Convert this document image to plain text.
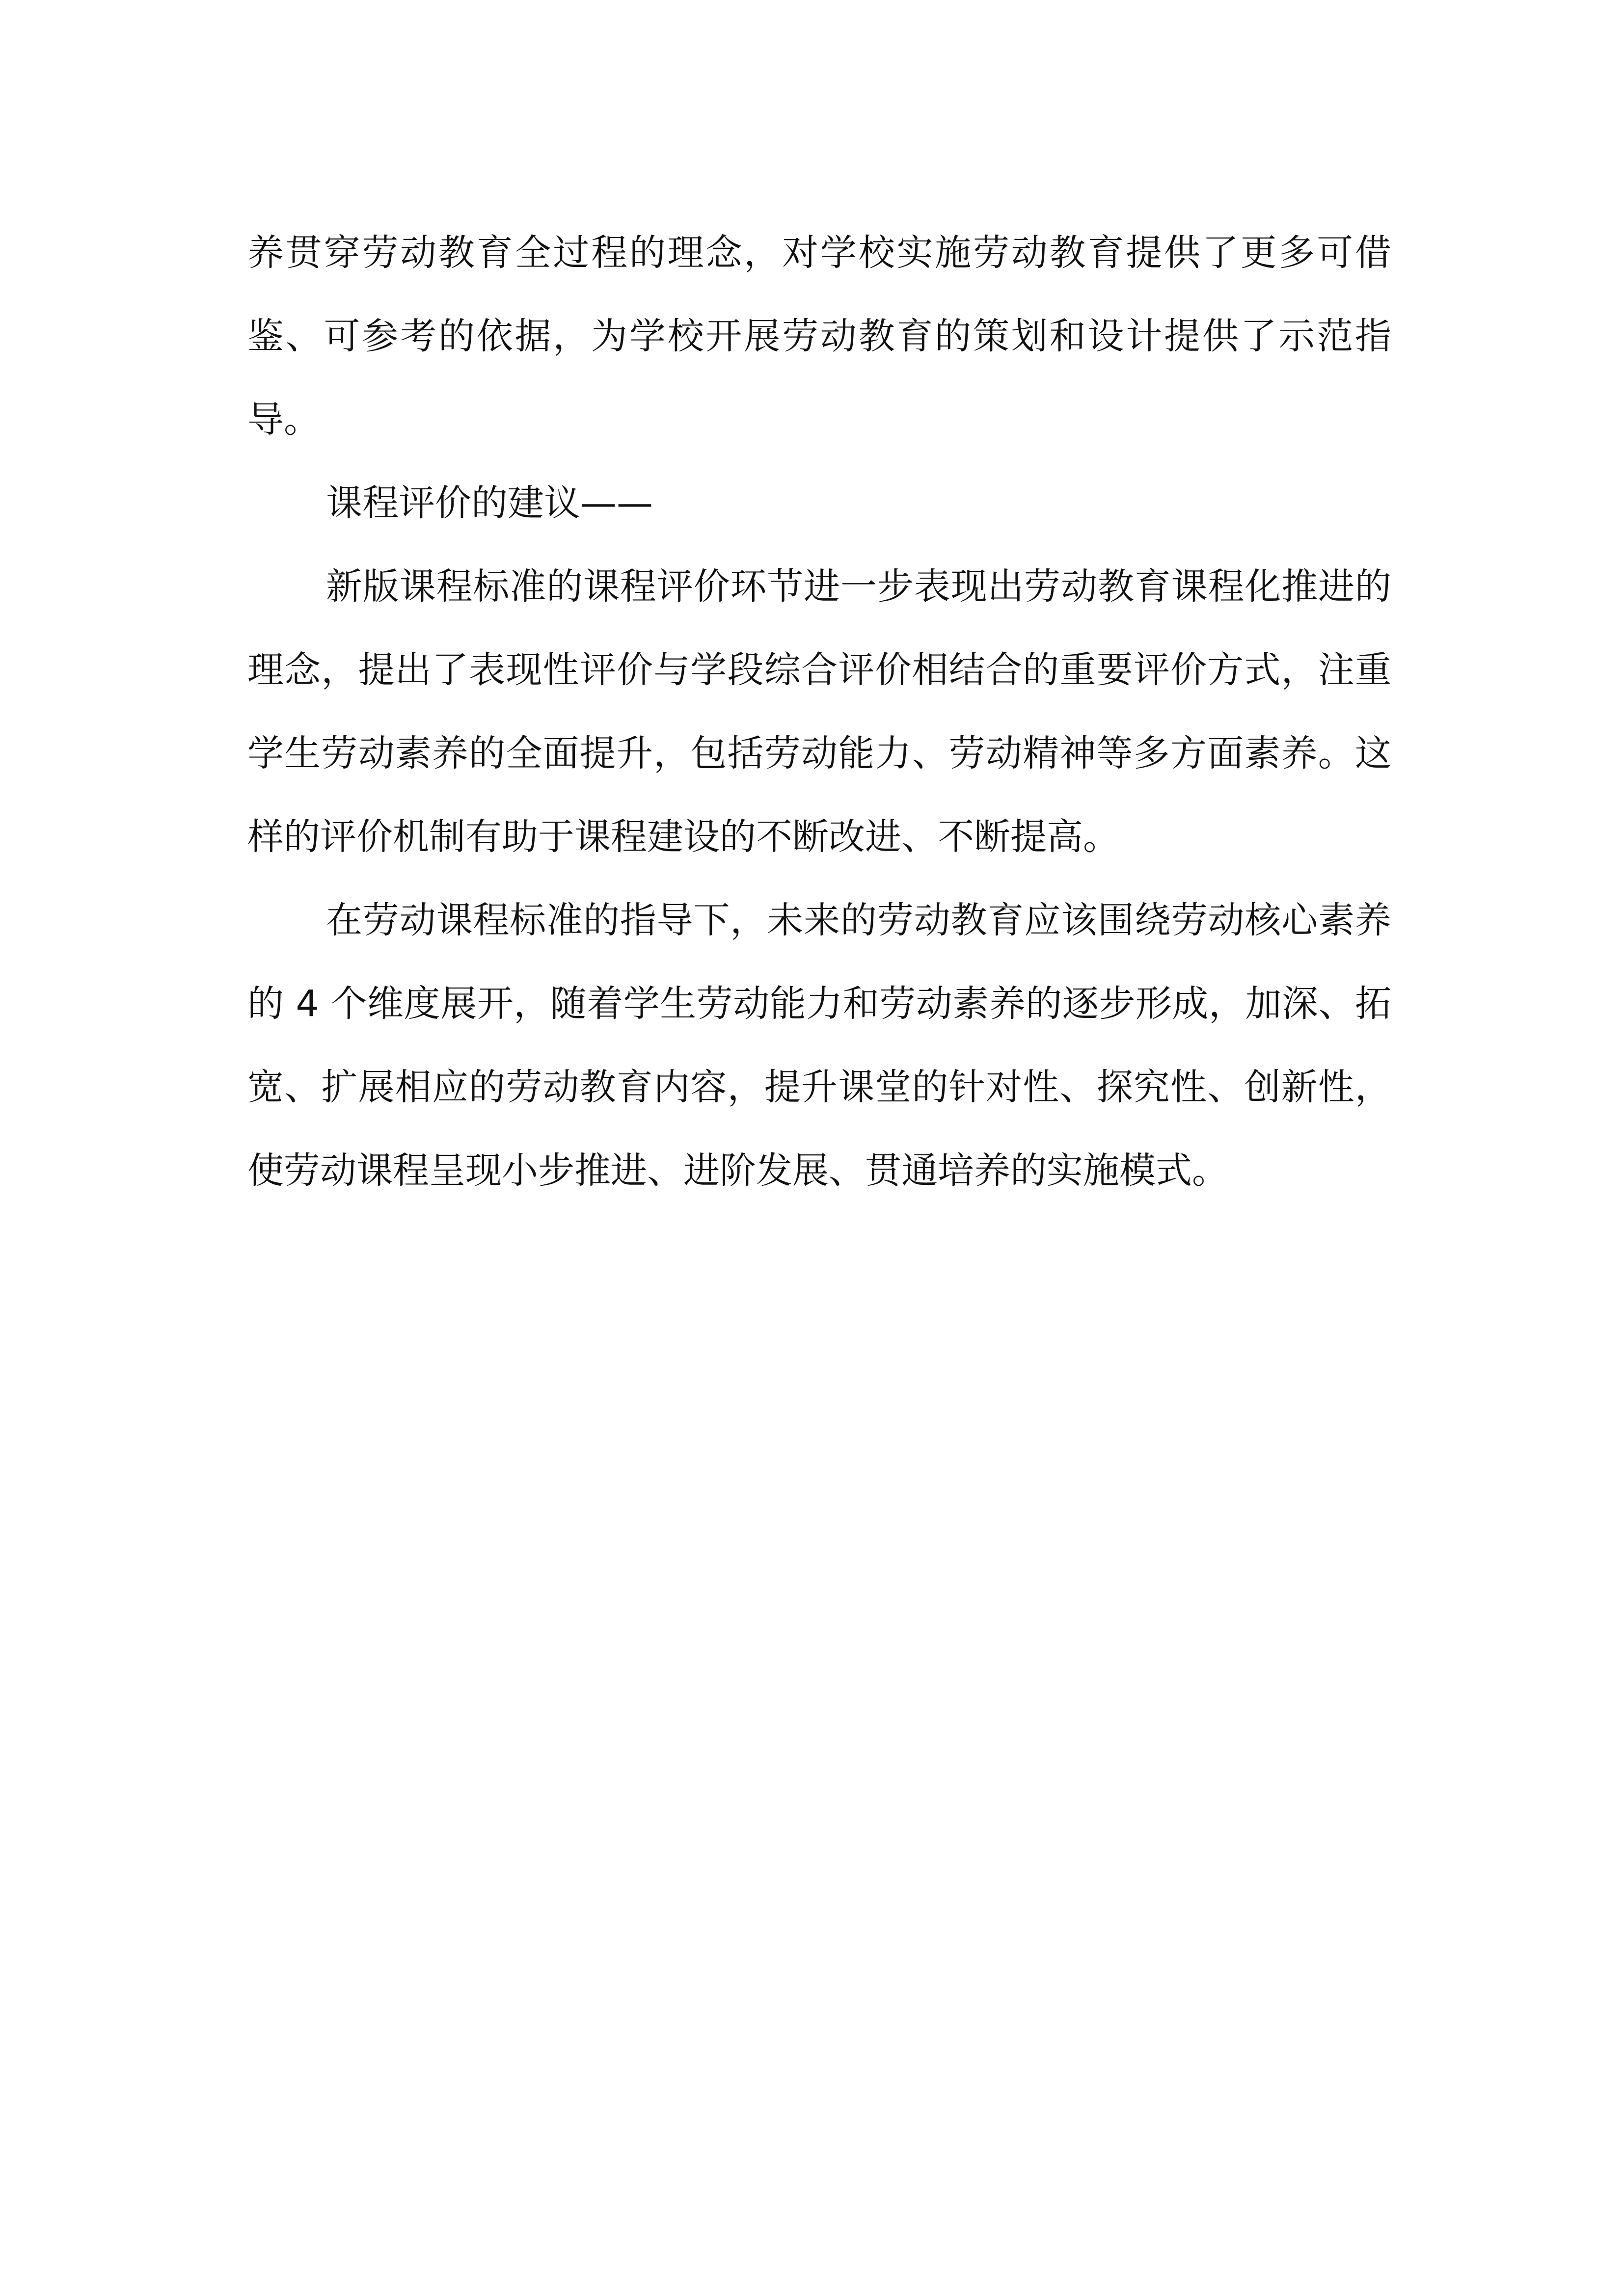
养贯穿劳动教育全过程的理念，对学校实施劳动教育提供了更多可借鉴、可参考的依据，为学校开展劳动教育的策划和设计提供了示范指导。

课程评价的建议——

新版课程标准的课程评价环节进一步表现出劳动教育课程化推进的理念，提出了表现性评价与学段综合评价相结合的重要评价方式，注重学生劳动素养的全面提升，包括劳动能力、劳动精神等多方面素养。这样的评价机制有助于课程建设的不断改进、不断提高。

在劳动课程标准的指导下，未来的劳动教育应该围绕劳动核心素养的 4 个维度展开，随着学生劳动能力和劳动素养的逐步形成，加深、拓宽、扩展相应的劳动教育内容，提升课堂的针对性、探究性、创新性，使劳动课程呈现小步推进、进阶发展、贯通培养的实施模式。
